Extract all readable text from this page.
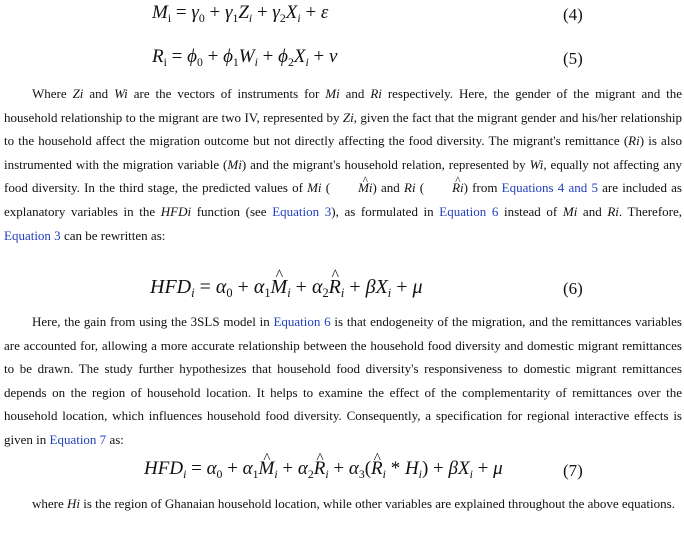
$M_i = \gamma_0 + \gamma_1Z_i + \gamma_2X_i + \varepsilon$	(4)
$R_i = \phi_0 + \phi_1W_i + \phi_2X_i + \nu$	(5)

Where Zi and Wi are the vectors of instruments for Mi and Ri respectively. Here, the gender of the migrant and the household relationship to the migrant are two IV, represented by Zi, given the fact that the migrant gender and his/her relationship to the household affect the migration outcome but not directly affecting the food diversity. The migrant's remittance (Ri) is also instrumented with the migration variable (Mi) and the migrant's household relation, represented by Wi, equally not affecting any food diversity. In the third stage, the predicted values of Mi ( ^ Mi) and Ri ( ^ Ri) from Equations 4 and 5 are included as explanatory variables in the HFDi function (see Equation 3), as formulated in Equation 6 instead of Mi and Ri. Therefore, Equation 3 can be rewritten as:

$HFD_i = \alpha_0$ + $\alpha_1\^{}$ $M_i$ + $\alpha_2\^{}$ $R_i + \beta X_i + \mu$	(6)

Here, the gain from using the 3SLS model in Equation 6 is that endogeneity of the migration, and the remittances variables are accounted for, allowing a more accurate relationship between the household food diversity and domestic migrant remittances to be drawn. The study further hypothesizes that household food diversity's responsiveness to domestic migrant remittances depends on the region of household location. It helps to examine the effect of the complementarity of remittances over the household location, which influences household food diversity. Consequently, a specification for regional interactive effects is given in Equation 7 as:

$HFD_i = \alpha_0$ + $\alpha_1\^{}$ $M_i$ + $\alpha_2\^{}$ $R_i$ + $\alpha_3(\^{}$ $R_i * H_i) + \beta X_i + \mu$	(7)

where Hi is the region of Ghanaian household location, while other variables are explained throughout the above equations.
